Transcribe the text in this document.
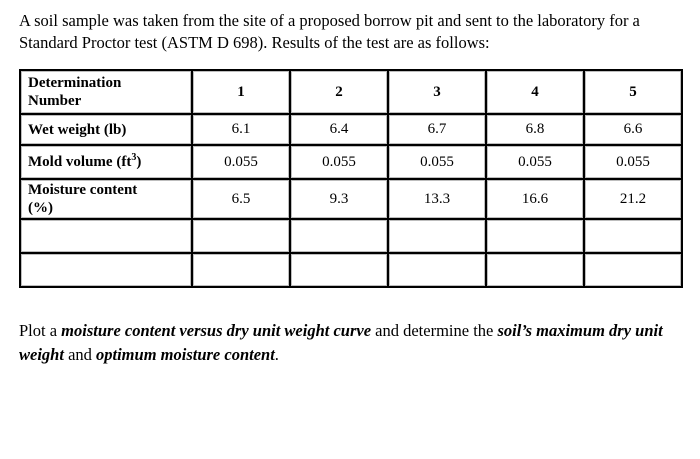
A soil sample was taken from the site of a proposed borrow pit and sent to the laboratory for a Standard Proctor test (ASTM D 698). Results of the test are as follows:

Determination
Number	1	2	3	4	5
Wet weight (lb)	6.1	6.4	6.7	6.8	6.6
Mold volume $(ft^3)$	0.055	0.055	0.055	0.055	0.055

Moisture content
(%)	6.5	9.3	13.3	16.6	21.2

Plot a moisture content versus dry unit weight curve and determine the soil’s maximum dry unit weight and optimum moisture content.
